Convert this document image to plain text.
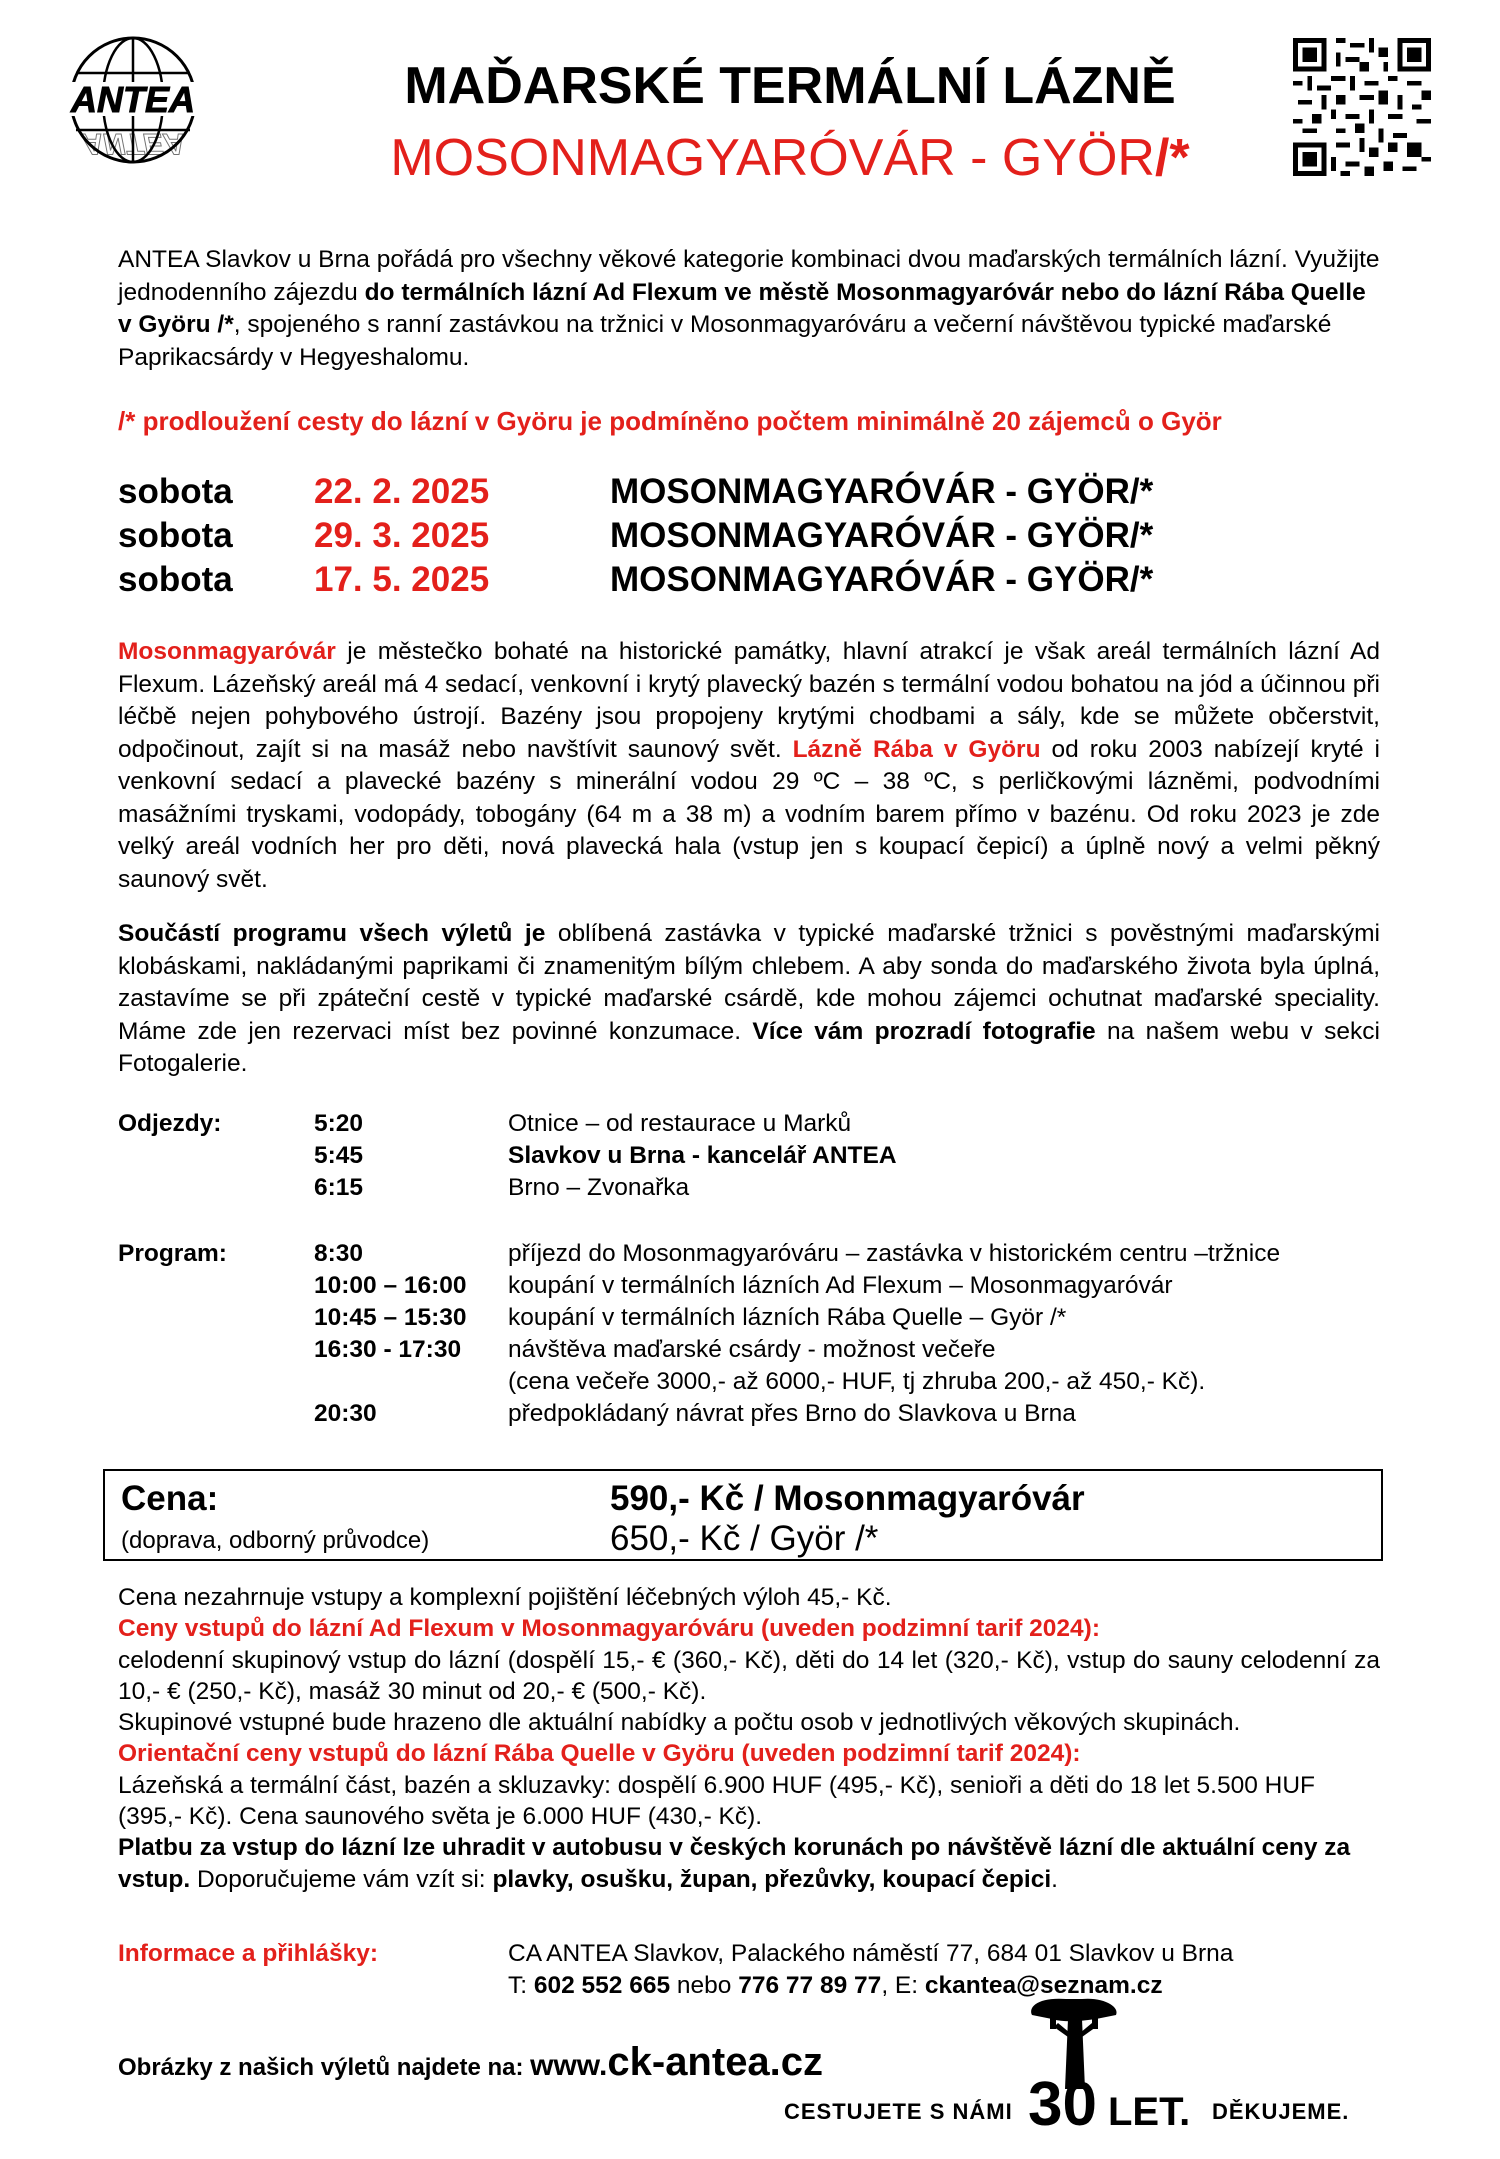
ANTEA
ANTEA
MAĎARSKÉ TERMÁLNÍ LÁZNĚ
MOSONMAGYARÓVÁR - GYÖR/*
ANTEA Slavkov u Brna pořádá pro všechny věkové kategorie kombinaci dvou maďarských termálních lázní. Využijte jednodenního zájezdu do termálních lázní Ad Flexum ve městě Mosonmagyaróvár nebo do lázní Rába Quelle v Györu /*, spojeného s ranní zastávkou na tržnici v Mosonmagyaróváru a večerní návštěvou typické maďarské Paprikacsárdy v Hegyeshalomu.
/* prodloužení cesty do lázní v Györu je podmíněno počtem minimálně 20 zájemců o Györ
sobota 22. 2. 2025	MOSONMAGYARÓVÁR - GYÖR/*
sobota 29. 3. 2025	MOSONMAGYARÓVÁR - GYÖR/*
sobota 17. 5. 2025	MOSONMAGYARÓVÁR - GYÖR/*
Mosonmagyaróvár je městečko bohaté na historické památky, hlavní atrakcí je však areál termálních lázní Ad Flexum. Lázeňský areál má 4 sedací, venkovní i krytý plavecký bazén s termální vodou bohatou na jód a účinnou při léčbě nejen pohybového ústrojí. Bazény jsou propojeny krytými chodbami a sály, kde se můžete občerstvit, odpočinout, zajít si na masáž nebo navštívit saunový svět. Lázně Rába v Györu od roku 2003 nabízejí kryté i venkovní sedací a plavecké bazény s minerální vodou 29 ºC – 38 ºC, s perličkovými lázněmi, podvodními masážními tryskami, vodopády, tobogány (64 m a 38 m) a vodním barem přímo v bazénu. Od roku 2023 je zde velký areál vodních her pro děti, nová plavecká hala (vstup jen s koupací čepicí) a úplně nový a velmi pěkný saunový svět.
Součástí programu všech výletů je oblíbená zastávka v typické maďarské tržnici s pověstnými maďarskými klobáskami, nakládanými paprikami či znamenitým bílým chlebem. A aby sonda do maďarského života byla úplná, zastavíme se při zpáteční cestě v typické maďarské csárdě, kde mohou zájemci ochutnat maďarské speciality. Máme zde jen rezervaci míst bez povinné konzumace. Více vám prozradí fotografie na našem webu v sekci Fotogalerie.
Odjezdy:	5:20	Otnice – od restaurace u Marků
5:45	Slavkov u Brna - kancelář ANTEA
6:15	Brno – Zvonařka
Program:	8:30	příjezd do Mosonmagyaróváru – zastávka v historickém centru –tržnice
10:00 – 16:00 koupání v termálních lázních Ad Flexum – Mosonmagyaróvár
10:45 – 15:30 koupání v termálních lázních Rába Quelle – Györ /*
16:30 - 17:30 návštěva maďarské csárdy - možnost večeře
(cena večeře 3000,- až 6000,- HUF, tj zhruba 200,- až 450,- Kč).
20:30	předpokládaný návrat přes Brno do Slavkova u Brna
Cena:
(doprava, odborný průvodce)
590,- Kč / Mosonmagyaróvár
650,- Kč / Györ /*
Cena nezahrnuje vstupy a komplexní pojištění léčebných výloh 45,- Kč.
Ceny vstupů do lázní Ad Flexum v Mosonmagyaróváru (uveden podzimní tarif 2024):
celodenní skupinový vstup do lázní (dospělí 15,- € (360,- Kč), děti do 14 let (320,- Kč), vstup do sauny celodenní za 10,- € (250,- Kč), masáž 30 minut od 20,- € (500,- Kč).
Skupinové vstupné bude hrazeno dle aktuální nabídky a počtu osob v jednotlivých věkových skupinách.
Orientační ceny vstupů do lázní Rába Quelle v Györu (uveden podzimní tarif 2024):
Lázeňská a termální část, bazén a skluzavky: dospělí 6.900 HUF (495,- Kč), senioři a děti do 18 let 5.500 HUF (395,- Kč). Cena saunového světa je 6.000 HUF (430,- Kč).
Platbu za vstup do lázní lze uhradit v autobusu v českých korunách po návštěvě lázní dle aktuální ceny za vstup. Doporučujeme vám vzít si: plavky, osušku, župan, přezůvky, koupací čepici.
Informace a přihlášky:	CA ANTEA Slavkov, Palackého náměstí 77, 684 01 Slavkov u Brna
T: 602 552 665 nebo 776 77 89 77, E: ckantea@seznam.cz
Obrázky z našich výletů najdete na: www.ck-antea.cz
CESTUJETE S NÁMI 30 LET. DĚKUJEME.
